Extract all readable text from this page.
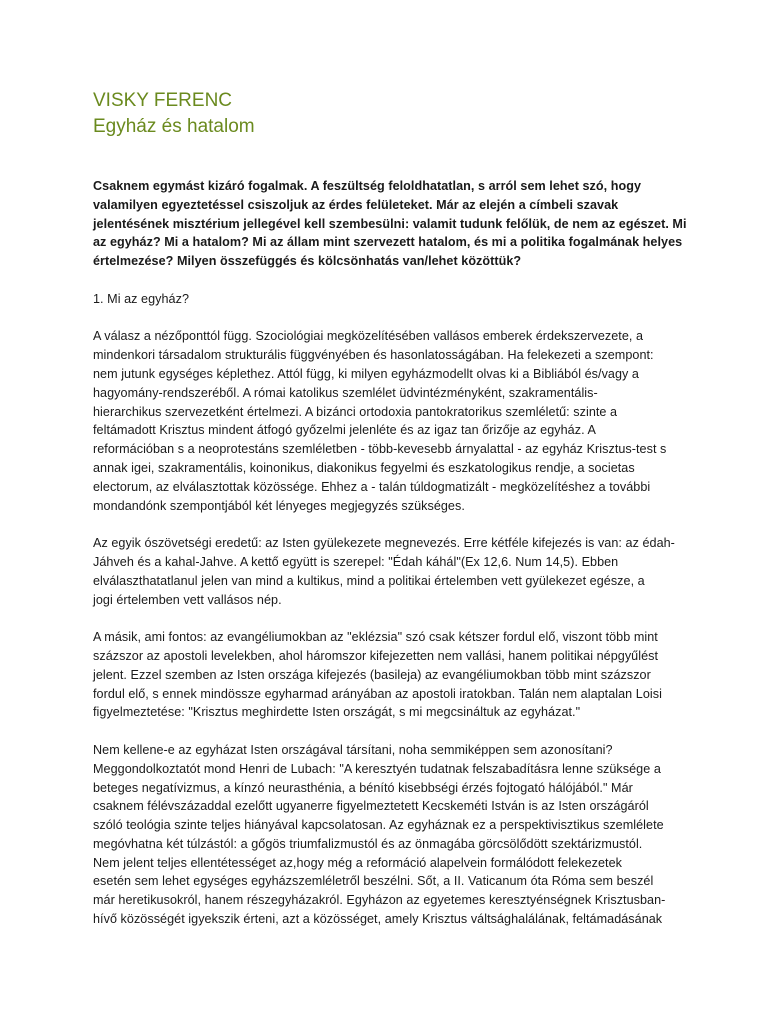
VISKY FERENC
Egyház és hatalom

Csaknem egymást kizáró fogalmak. A feszültség feloldhatatlan, s arról sem lehet szó, hogy
valamilyen egyeztetéssel csiszoljuk az érdes felületeket. Már az elején a címbeli szavak
jelentésének misztérium jellegével kell szembesülni: valamit tudunk felőlük, de nem az egészet. Mi
az egyház? Mi a hatalom? Mi az állam mint szervezett hatalom, és mi a politika fogalmának helyes
értelmezése? Milyen összefüggés és kölcsönhatás van/lehet közöttük?

1. Mi az egyház?

A válasz a nézőponttól függ. Szociológiai megközelítésében vallásos emberek érdekszervezete, a
mindenkori társadalom strukturális függvényében és hasonlatosságában. Ha felekezeti a szempont:
nem jutunk egységes képlethez. Attól függ, ki milyen egyházmodellt olvas ki a Bibliából és/vagy a
hagyomány-rendszeréből. A római katolikus szemlélet üdvintézményként, szakramentális-
hierarchikus szervezetként értelmezi. A bizánci ortodoxia pantokratorikus szemléletű: szinte a
feltámadott Krisztus mindent átfogó győzelmi jelenléte és az igaz tan őrizője az egyház. A
reformációban s a neoprotestáns szemléletben - több-kevesebb árnyalattal - az egyház Krisztus-test s
annak igei, szakramentális, koinonikus, diakonikus fegyelmi és eszkatologikus rendje, a societas
electorum, az elválasztottak közössége. Ehhez a - talán túldogmatizált - megközelítéshez a további
mondandónk szempontjából két lényeges megjegyzés szükséges.

Az egyik ószövetségi eredetű: az Isten gyülekezete megnevezés. Erre kétféle kifejezés is van: az édah-
Jáhveh és a kahal-Jahve. A kettő együtt is szerepel: "Édah káhál"(Ex 12,6. Num 14,5). Ebben
elválaszthatatlanul jelen van mind a kultikus, mind a politikai értelemben vett gyülekezet egésze, a
jogi értelemben vett vallásos nép.

A másik, ami fontos: az evangéliumokban az "eklézsia" szó csak kétszer fordul elő, viszont több mint
százszor az apostoli levelekben, ahol háromszor kifejezetten nem vallási, hanem politikai népgyűlést
jelent. Ezzel szemben az Isten országa kifejezés (basileja) az evangéliumokban több mint százszor
fordul elő, s ennek mindössze egyharmad arányában az apostoli iratokban. Talán nem alaptalan Loisi
figyelmeztetése: "Krisztus meghirdette Isten országát, s mi megcsináltuk az egyházat."

Nem kellene-e az egyházat Isten országával társítani, noha semmiképpen sem azonosítani?
Meggondolkoztatót mond Henri de Lubach: "A keresztyén tudatnak felszabadításra lenne szüksége a
beteges negatívizmus, a kínzó neurasthénia, a bénító kisebbségi érzés fojtogató hálójából." Már
csaknem félévszázaddal ezelőtt ugyanerre figyelmeztetett Kecskeméti István is az Isten országáról
szóló teológia szinte teljes hiányával kapcsolatosan. Az egyháznak ez a perspektivisztikus szemlélete
megóvhatna két túlzástól: a gőgös triumfalizmustól és az önmagába görcsölődött szektárizmustól.
Nem jelent teljes ellentétességet az,hogy még a reformáció alapelvein formálódott felekezetek
esetén sem lehet egységes egyházszemléletről beszélni. Sőt, a II. Vaticanum óta Róma sem beszél
már heretikusokról, hanem részegyházakról. Egyházon az egyetemes keresztyénségnek Krisztusban-
hívő közösségét igyekszik érteni, azt a közösséget, amely Krisztus váltsághalálának, feltámadásának
